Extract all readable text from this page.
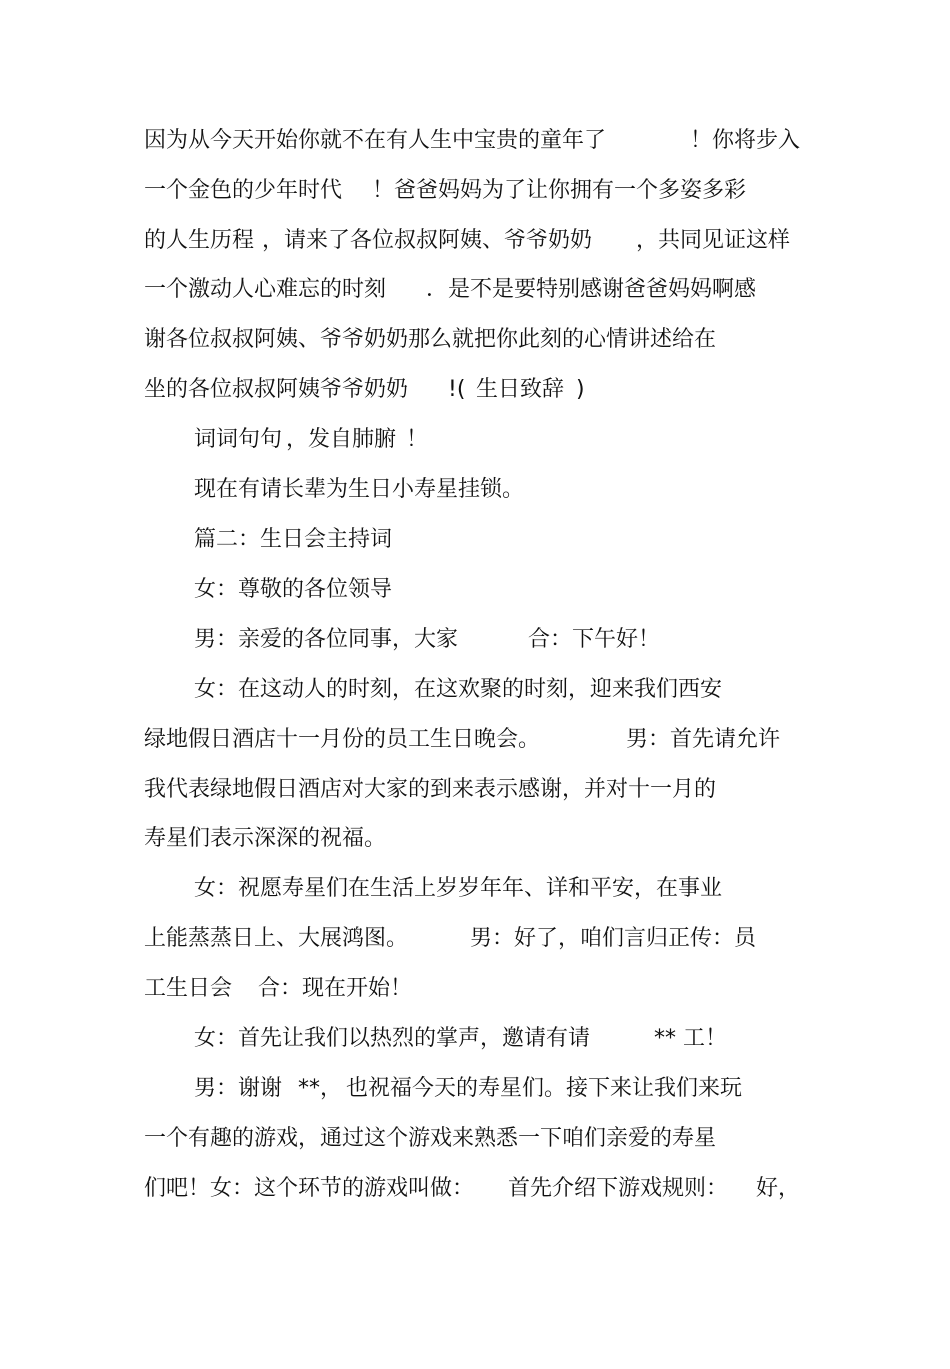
因为从今天开始你就不在有人生中宝贵的童年了

	！你将步入

一个金色的少年时代

！爸爸妈妈为了让你拥有一个多姿多彩

的人生历程

，请来了各位叔叔阿姨、爷爷奶奶

，共同见证这样

一个激动人心难忘的时刻

．是不是要特别感谢爸爸妈妈啊感

谢各位叔叔阿姨、爷爷奶奶那么就把你此刻的心情讲述给在

坐的各位叔叔阿姨爷爷奶奶

!(

生日致辞

)

词词句句

，发自肺腑

！

现在有请长辈为生日小寿星挂锁。

篇二：生日会主持词

女：尊敬的各位领导

男：亲爱的各位同事，大家

	合：下午好！

女：在这动人的时刻，在这欢聚的时刻，迎来我们西安

绿地假日酒店十一月份的员工生日晚会。

	男：首先请允许

我代表绿地假日酒店对大家的到来表示感谢，并对十一月的

寿星们表示深深的祝福。

女：祝愿寿星们在生活上岁岁年年、详和平安，在事业

上能蒸蒸日上、大展鸿图。

	男：好了，咱们言归正传：员

工生日会

合：现在开始！

女：首先让我们以热烈的掌声，邀请有请

	** 工！

男：谢谢

**，

也祝福今天的寿星们。接下来让我们来玩

一个有趣的游戏，通过这个游戏来熟悉一下咱们亲爱的寿星

们吧！女：这个环节的游戏叫做：

首先介绍下游戏规则：

好，
